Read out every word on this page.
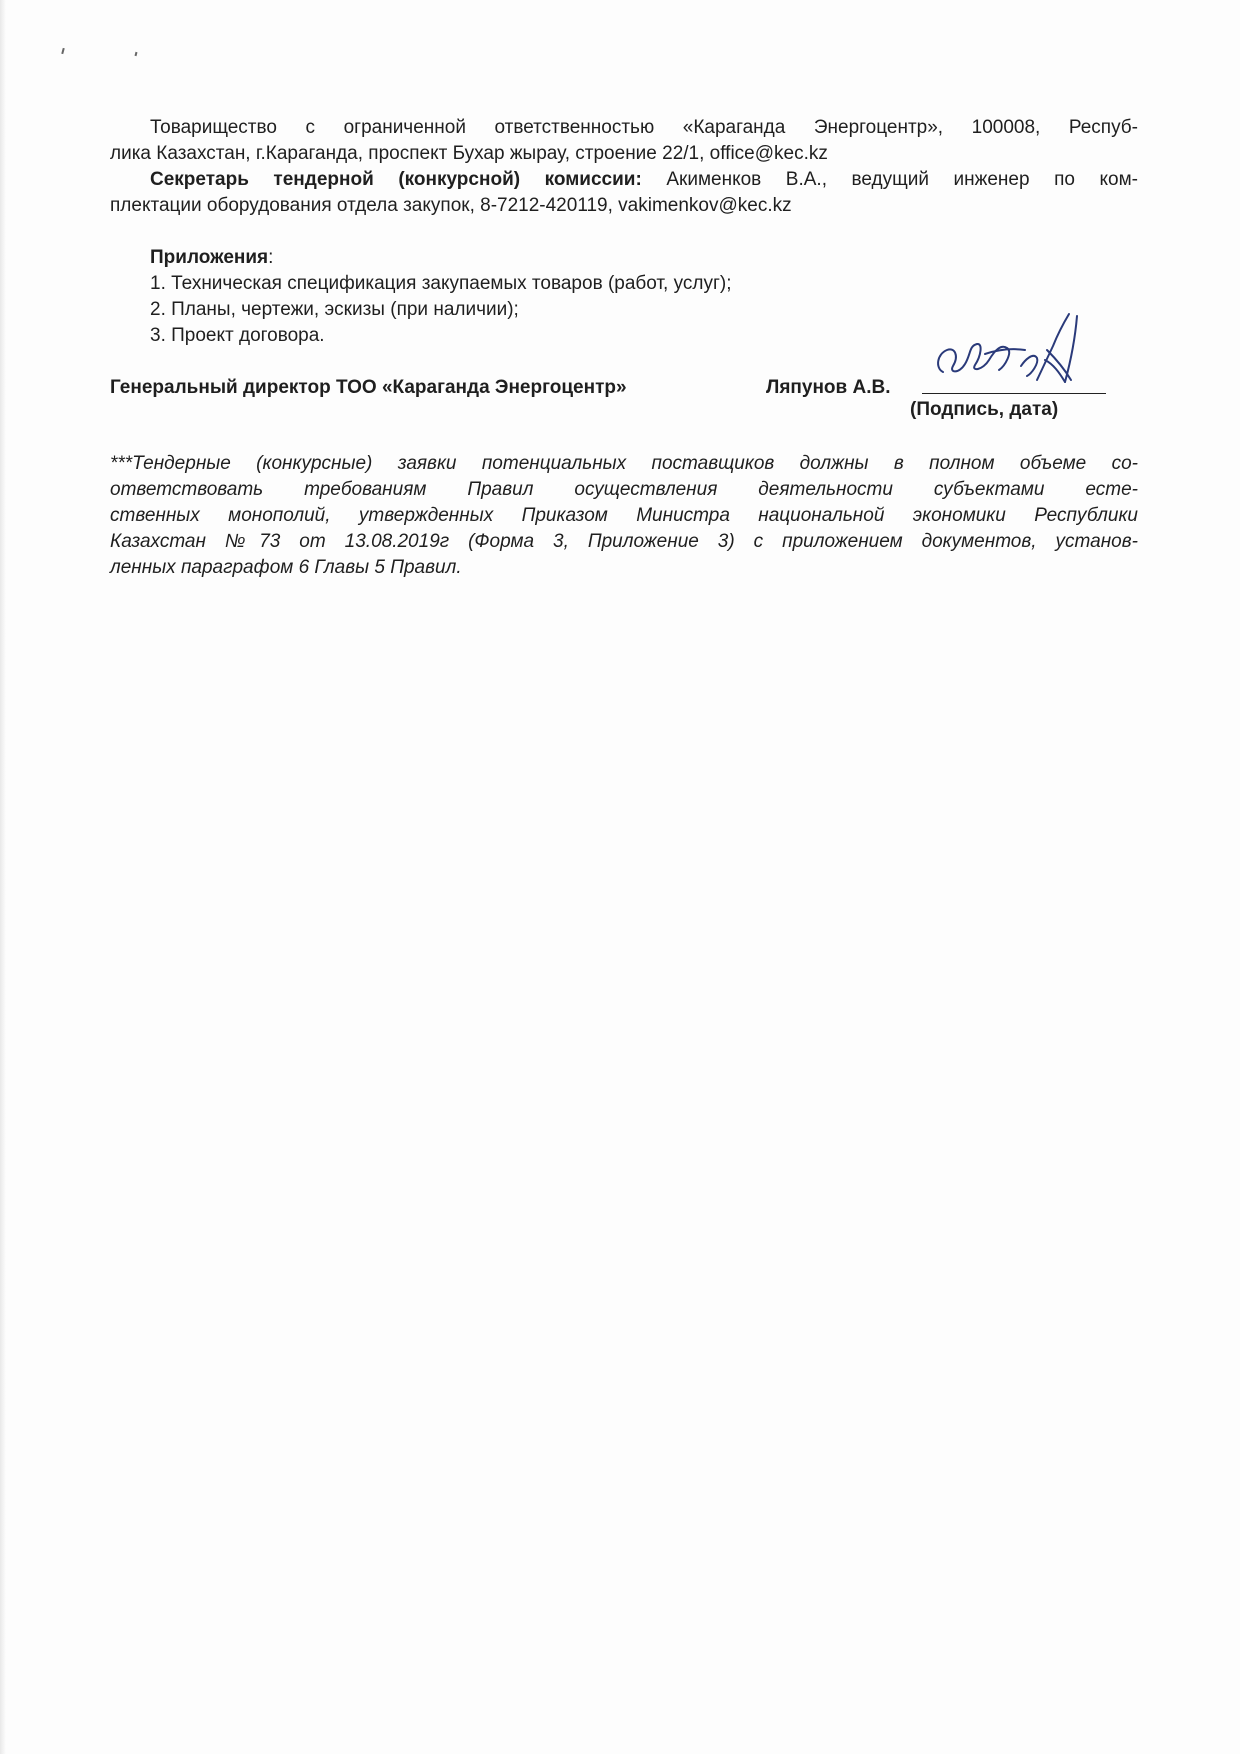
Товарищество с ограниченной ответственностью «Караганда Энергоцентр», 100008, Респуб-
лика Казахстан, г.Караганда, проспект Бухар жырау, строение 22/1, office@kec.kz
Секретарь тендерной (конкурсной) комиссии: Акименков В.А., ведущий инженер по ком-
плектации оборудования отдела закупок, 8-7212-420119, vakimenkov@kec.kz
Приложения:
1. Техническая спецификация закупаемых товаров (работ, услуг);
2. Планы, чертежи, эскизы (при наличии);
3. Проект договора.
Генеральный директор ТОО «Караганда Энергоцентр»	Ляпунов А.В.
(Подпись, дата)
***Тендерные (конкурсные) заявки потенциальных поставщиков должны в полном объеме со-
ответствовать требованиям Правил осуществления деятельности субъектами есте-
ственных монополий, утвержденных Приказом Министра национальной экономики Республики
Казахстан №73 от 13.08.2019г (Форма 3, Приложение 3) с приложением документов, установ-
ленных параграфом 6 Главы 5 Правил.
